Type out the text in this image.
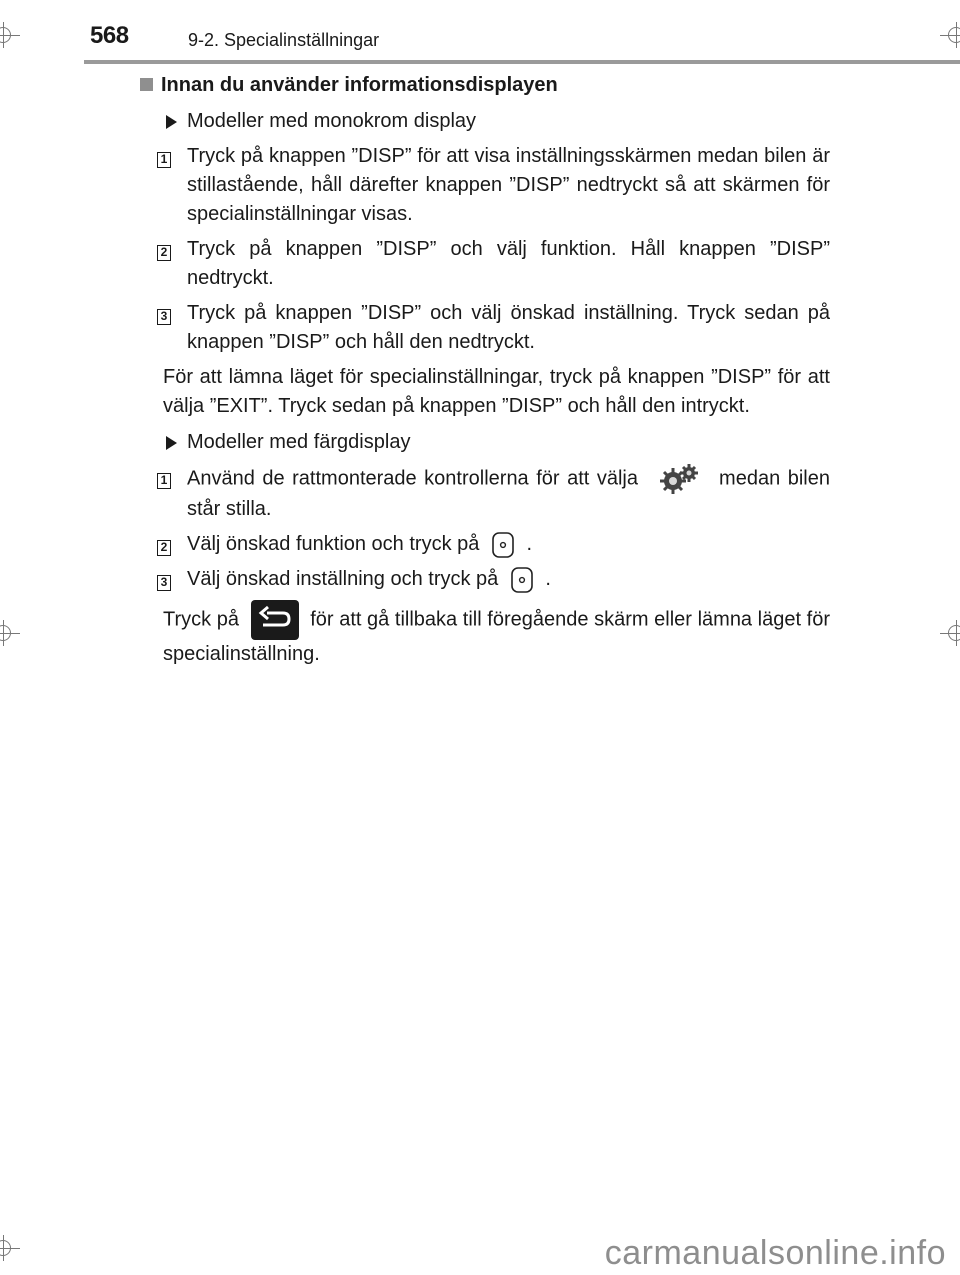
568	9-2. Specialinställningar
Innan du använder informationsdisplayen
Modeller med monokrom display
1 Tryck på knappen ”DISP” för att visa inställningsskärmen medan bilen är stillastående, håll därefter knappen ”DISP” nedtryckt så att skärmen för specialinställningar visas.
2 Tryck på knappen ”DISP” och välj funktion. Håll knappen ”DISP” nedtryckt.
3 Tryck på knappen ”DISP” och välj önskad inställning. Tryck sedan på knappen ”DISP” och håll den nedtryckt.
För att lämna läget för specialinställningar, tryck på knappen ”DISP” för att välja ”EXIT”. Tryck sedan på knappen ”DISP” och håll den intryckt.
Modeller med färgdisplay
1 Använd de rattmonterade kontrollerna för att välja	medan bilen står stilla.
2 Välj önskad funktion och tryck på .
3 Välj önskad inställning och tryck på .
Tryck på	för att gå tillbaka till föregående skärm eller lämna läget för specialinställning.
carmanualsonline.info
